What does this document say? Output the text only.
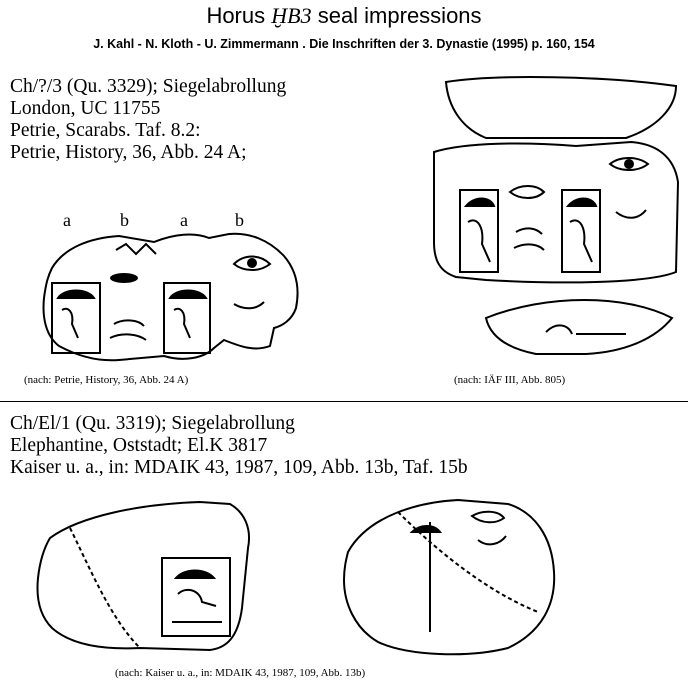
Horus ḪB3 seal impressions
J. Kahl - N. Kloth - U. Zimmermann . Die Inschriften der 3. Dynastie (1995) p. 160, 154
Ch/?/3 (Qu. 3329); Siegelabrollung
London, UC 11755
Petrie, Scarabs. Taf. 8.2:
Petrie, History, 36, Abb. 24 A;
a	b	a	b
(nach: Petrie, History, 36, Abb. 24 A)	(nach: IÄF III, Abb. 805)
Ch/El/1 (Qu. 3319); Siegelabrollung
Elephantine, Oststadt; El.K 3817
Kaiser u. a., in: MDAIK 43, 1987, 109, Abb. 13b, Taf. 15b
(nach: Kaiser u. a., in: MDAIK 43, 1987, 109, Abb. 13b)
